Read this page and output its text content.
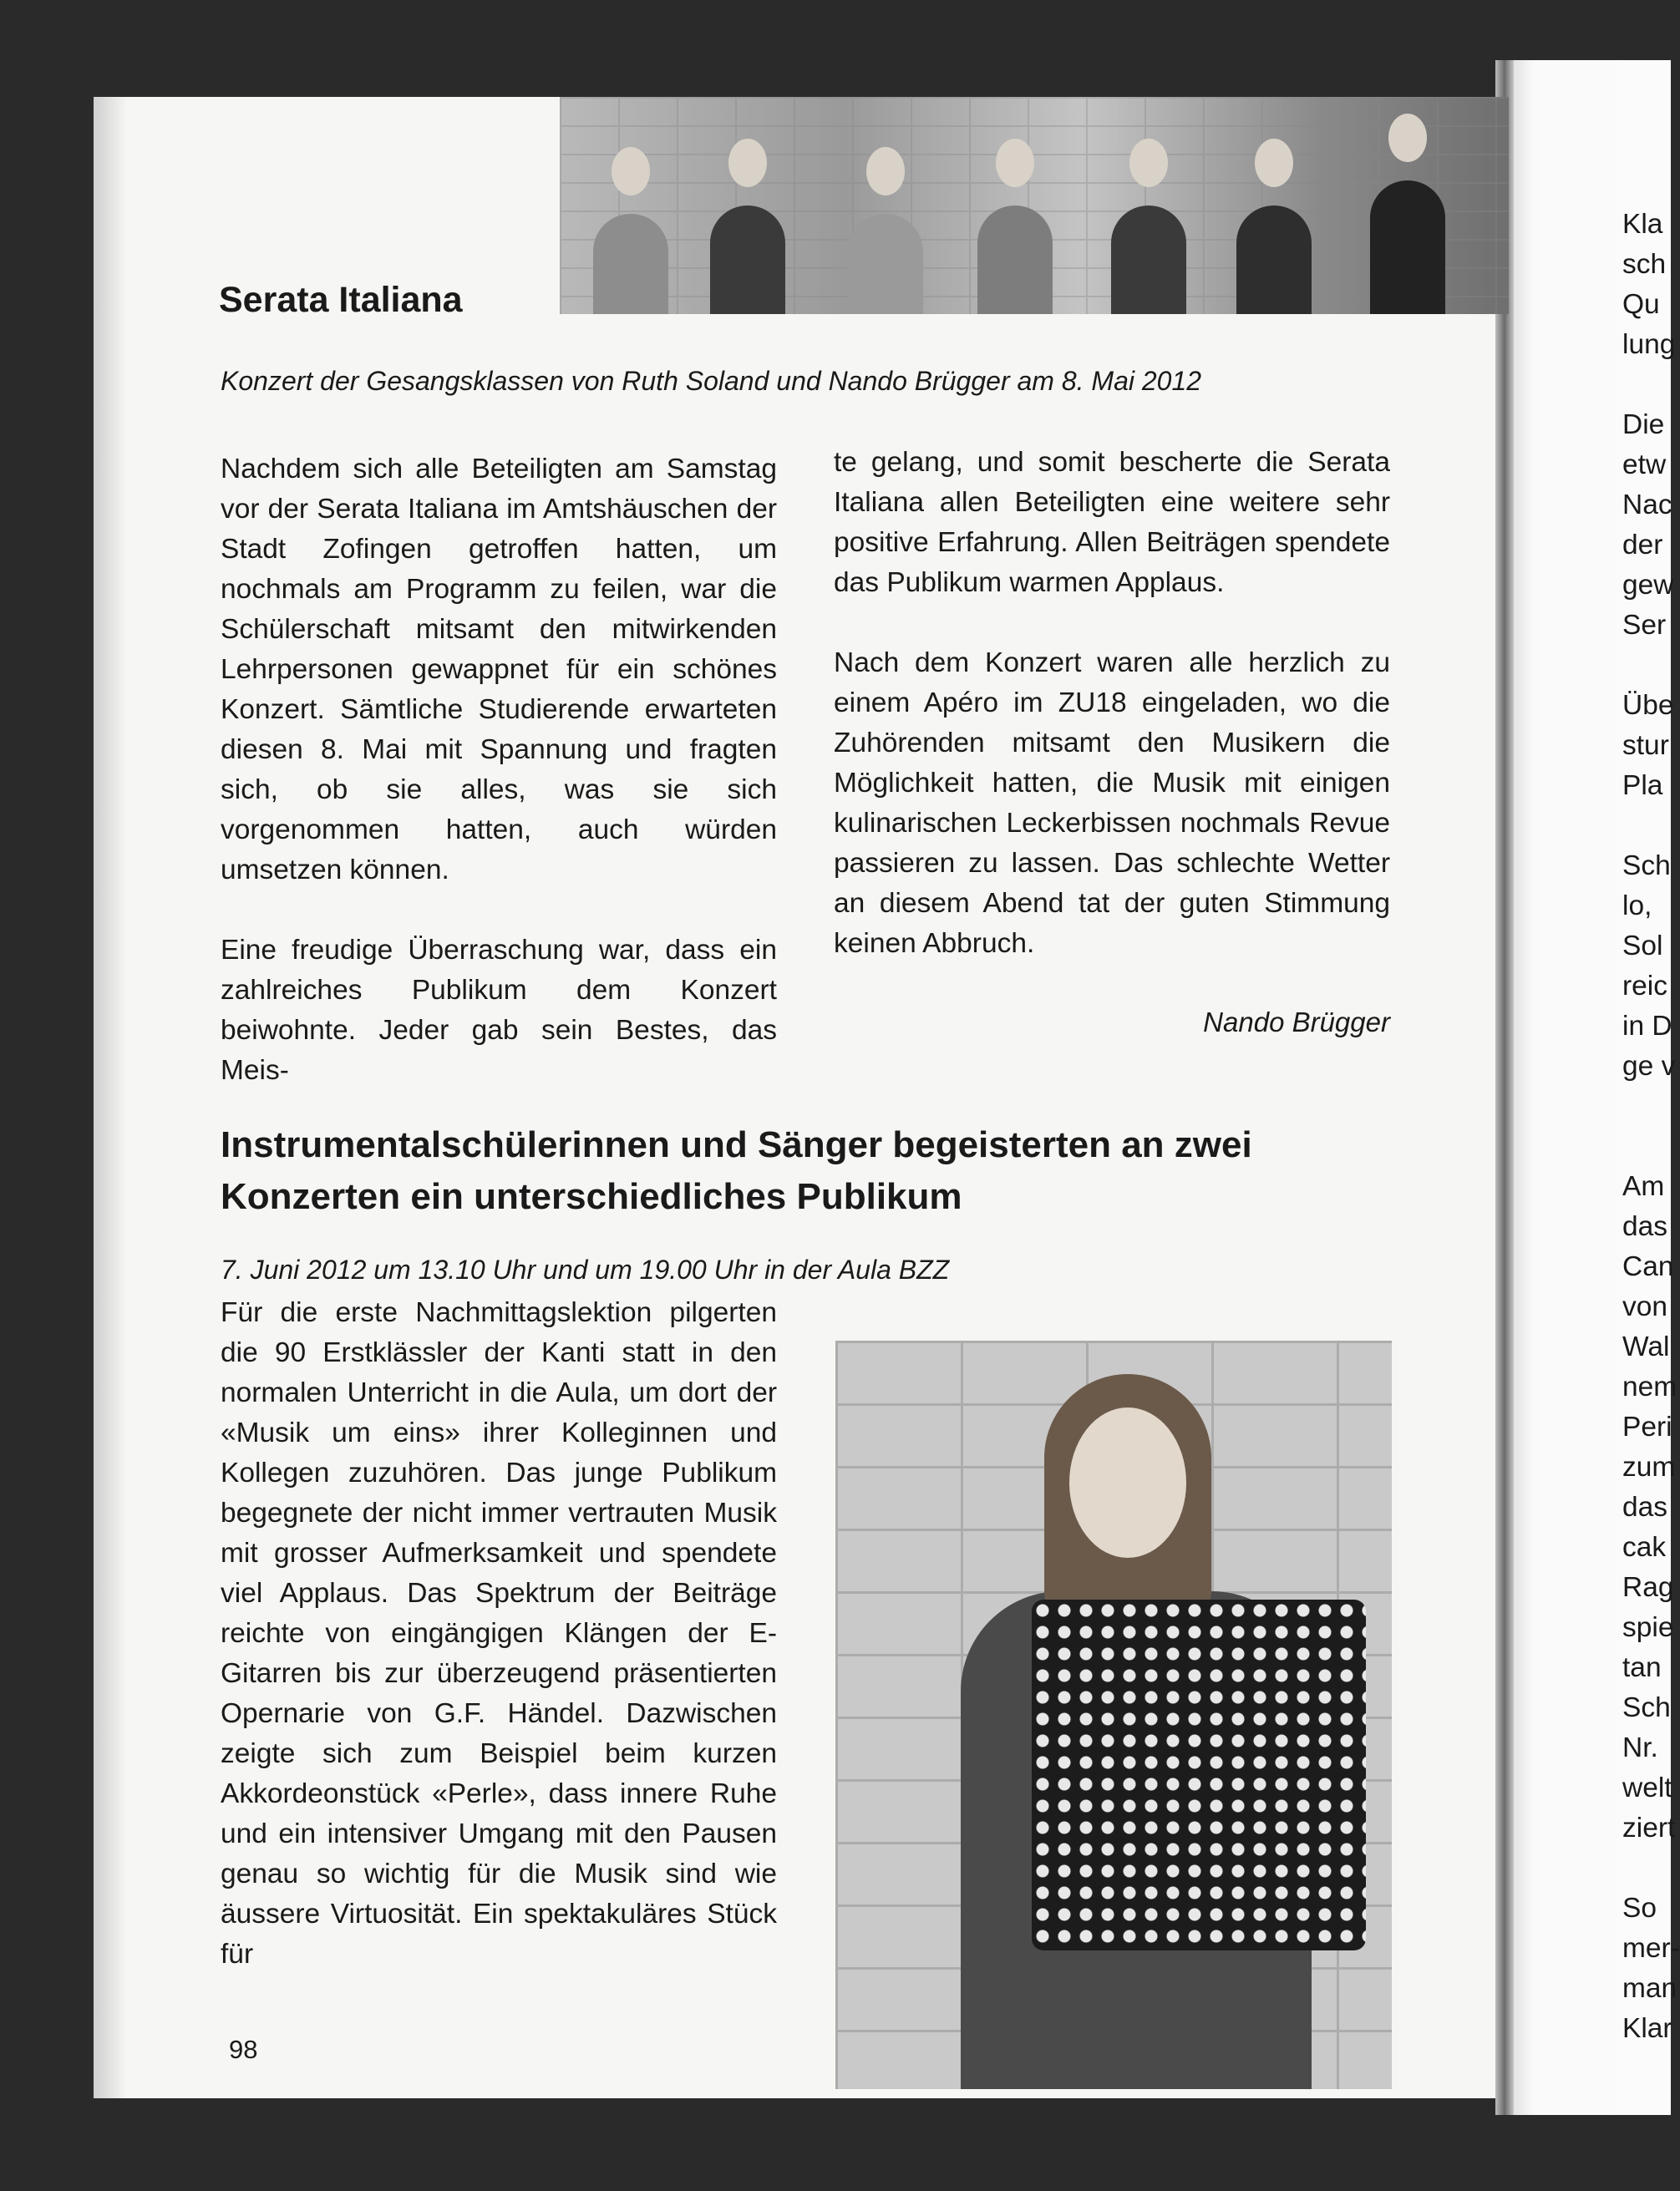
Kla
sch
Qu
lung
Die
etw
Nac
der
gew
Ser
Übe
stur
Pla
Sch
lo,
Sol
reic
in D
ge v
Am
das
Can
von
Wal
nem
Peri
zum
das
cak
Rag
spie
tan
Sch
Nr.
welt
ziert
So
mer-
man
Klar
Serata Italiana
Konzert der Gesangsklassen von Ruth Soland und Nando Brügger am 8. Mai 2012

Nachdem sich alle Beteiligten am Samstag vor der Serata Italiana im Amtshäuschen der Stadt Zofingen getroffen hatten, um nochmals am Programm zu feilen, war die Schülerschaft mitsamt den mitwirkenden Lehrpersonen gewappnet für ein schönes Konzert. Sämtliche Studierende erwarteten diesen 8. Mai mit Spannung und fragten sich, ob sie alles, was sie sich vorgenommen hatten, auch würden umsetzen können.

Eine freudige Überraschung war, dass ein zahlreiches Publikum dem Konzert beiwohnte. Jeder gab sein Bestes, das Meis-

te gelang, und somit bescherte die Serata Italiana allen Beteiligten eine weitere sehr positive Erfahrung. Allen Beiträgen spendete das Publikum warmen Applaus.

Nach dem Konzert waren alle herzlich zu einem Apéro im ZU18 eingeladen, wo die Zuhörenden mitsamt den Musikern die Möglichkeit hatten, die Musik mit einigen kulinarischen Leckerbissen nochmals Revue passieren zu lassen. Das schlechte Wetter an diesem Abend tat der guten Stimmung keinen Abbruch.

Nando Brügger
Instrumentalschülerinnen und Sänger begeisterten an zwei Konzerten ein unterschiedliches Publikum
7. Juni 2012 um 13.10 Uhr und um 19.00 Uhr in der Aula BZZ

Für die erste Nachmittagslektion pilgerten die 90 Erstklässler der Kanti statt in den normalen Unterricht in die Aula, um dort der «Musik um eins» ihrer Kolleginnen und Kollegen zuzuhören. Das junge Publikum begegnete der nicht immer vertrauten Musik mit grosser Aufmerksamkeit und spendete viel Applaus. Das Spektrum der Beiträge reichte von eingängigen Klängen der E-Gitarren bis zur überzeugend präsentierten Opernarie von G.F. Händel. Dazwischen zeigte sich zum Beispiel beim kurzen Akkordeonstück «Perle», dass innere Ruhe und ein intensiver Umgang mit den Pausen genau so wichtig für die Musik sind wie äussere Virtuosität. Ein spektakuläres Stück für

98
